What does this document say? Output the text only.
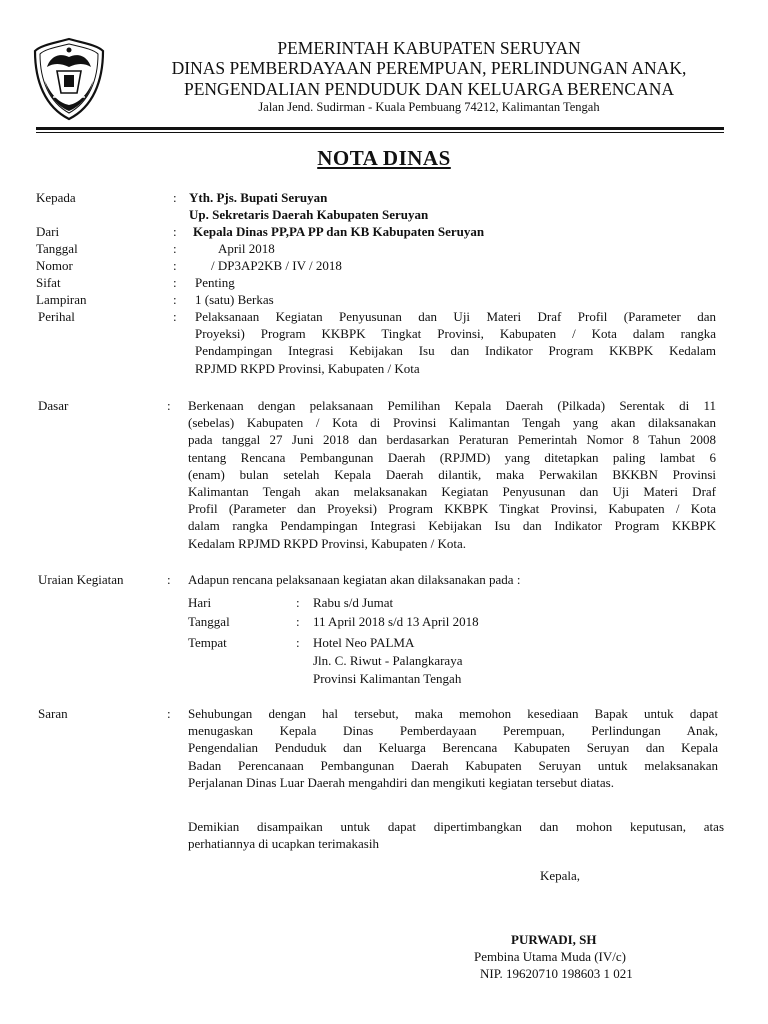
PEMERINTAH KABUPATEN SERUYAN
DINAS PEMBERDAYAAN PEREMPUAN, PERLINDUNGAN ANAK,
PENGENDALIAN PENDUDUK DAN KELUARGA BERENCANA
Jalan Jend. Sudirman - Kuala Pembuang 74212, Kalimantan Tengah
NOTA DINAS
Kepada	: Yth. Pjs. Bupati Seruyan
Up. Sekretaris Daerah Kabupaten Seruyan
Dari	: Kepala Dinas PP,PA PP dan KB Kabupaten Seruyan
Tanggal	:	April 2018
Nomor	:	/ DP3AP2KB / IV / 2018
Sifat	: Penting
Lampiran	: 1 (satu) Berkas
Perihal	: Pelaksanaan Kegiatan Penyusunan dan Uji Materi Draf Profil (Parameter dan
Proyeksi) Program KKBPK Tingkat Provinsi, Kabupaten / Kota dalam rangka
Pendampingan Integrasi Kebijakan Isu dan Indikator Program KKBPK Kedalam
RPJMD RKPD Provinsi, Kabupaten / Kota
Dasar	: Berkenaan dengan pelaksanaan Pemilihan Kepala Daerah (Pilkada) Serentak di 11
(sebelas) Kabupaten / Kota di Provinsi Kalimantan Tengah yang akan dilaksanakan
pada tanggal 27 Juni 2018 dan berdasarkan Peraturan Pemerintah Nomor 8 Tahun 2008
tentang Rencana Pembangunan Daerah (RPJMD) yang ditetapkan paling lambat 6
(enam) bulan setelah Kepala Daerah dilantik, maka Perwakilan BKKBN Provinsi
Kalimantan Tengah akan melaksanakan Kegiatan Penyusunan dan Uji Materi Draf
Profil (Parameter dan Proyeksi) Program KKBPK Tingkat Provinsi, Kabupaten / Kota
dalam rangka Pendampingan Integrasi Kebijakan Isu dan Indikator Program KKBPK
Kedalam RPJMD RKPD Provinsi, Kabupaten / Kota.
Uraian Kegiatan	: Adapun rencana pelaksanaan kegiatan akan dilaksanakan pada :
Hari	: Rabu s/d Jumat
Tanggal	: 11 April 2018 s/d 13 April 2018
Tempat	: Hotel Neo PALMA
Jln. C. Riwut - Palangkaraya
Provinsi Kalimantan Tengah
Saran	: Sehubungan dengan hal tersebut, maka memohon kesediaan Bapak untuk dapat
menugaskan Kepala Dinas Pemberdayaan Perempuan, Perlindungan Anak,
Pengendalian Penduduk dan Keluarga Berencana Kabupaten Seruyan dan Kepala
Badan Perencanaan Pembangunan Daerah Kabupaten Seruyan untuk melaksanakan
Perjalanan Dinas Luar Daerah mengahdiri dan mengikuti kegiatan tersebut diatas.
Demikian disampaikan untuk dapat dipertimbangkan dan mohon keputusan, atas
perhatiannya di ucapkan terimakasih
Kepala,
PURWADI, SH
Pembina Utama Muda (IV/c)
NIP. 19620710 198603 1 021
